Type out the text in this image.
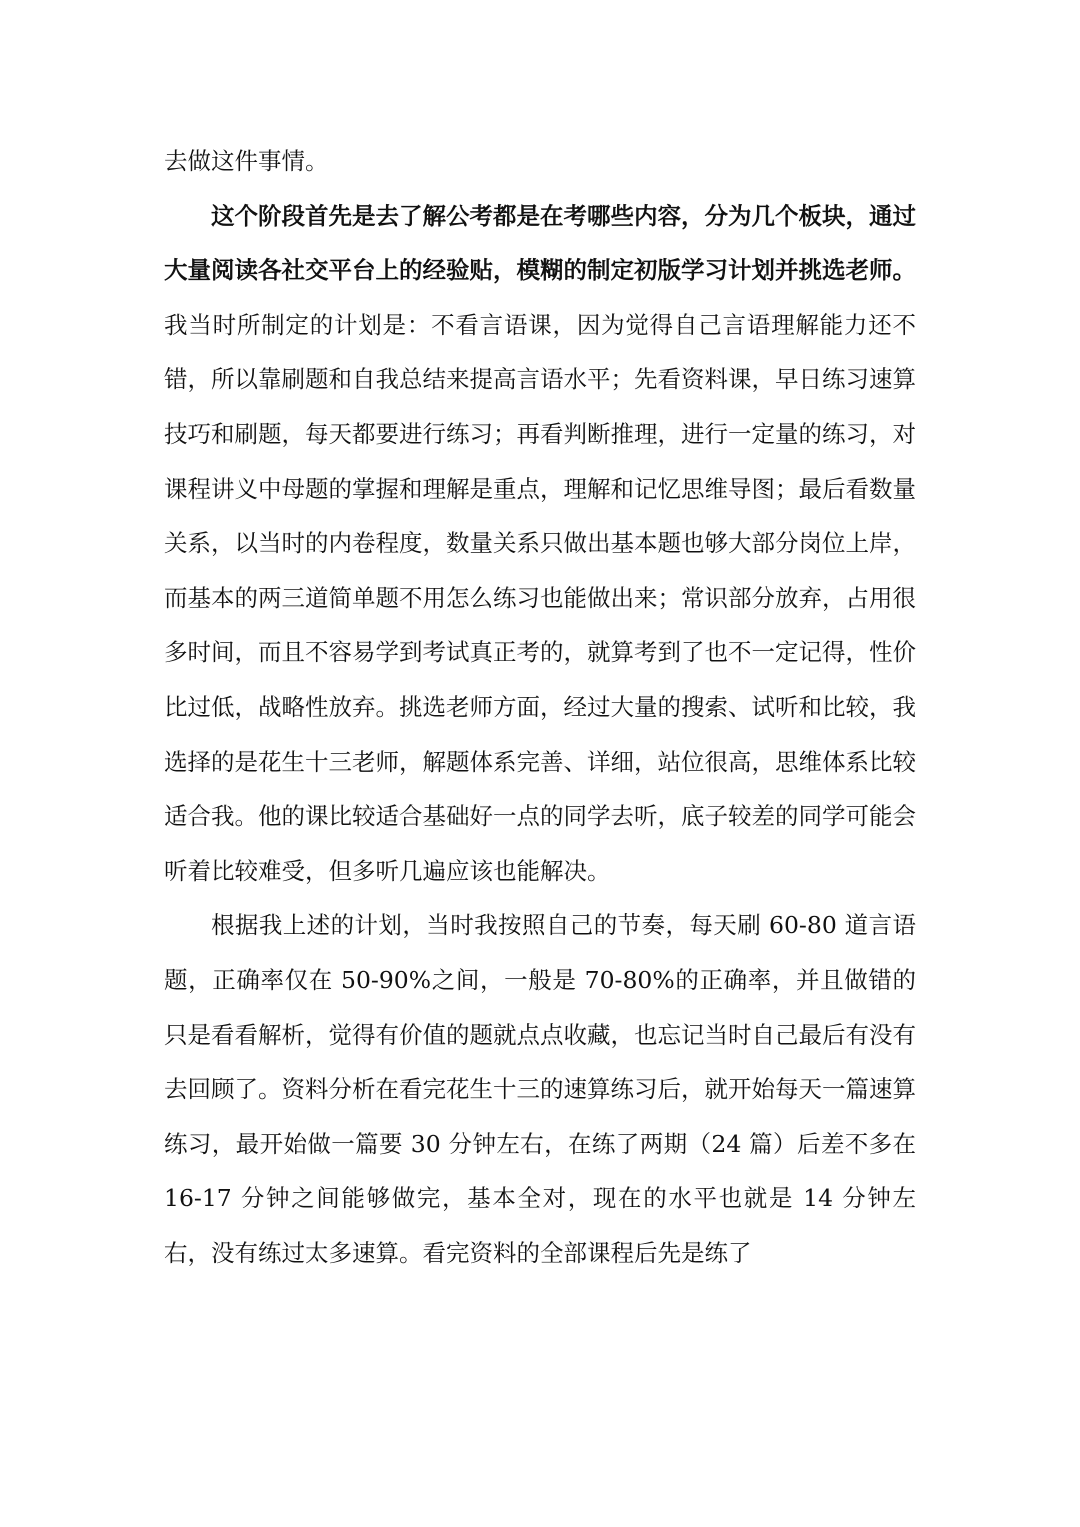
去做这件事情。

这个阶段首先是去了解公考都是在考哪些内容，分为几个板块，通过大量阅读各社交平台上的经验贴，模糊的制定初版学习计划并挑选老师。我当时所制定的计划是：不看言语课，因为觉得自己言语理解能力还不错，所以靠刷题和自我总结来提高言语水平；先看资料课，早日练习速算技巧和刷题，每天都要进行练习；再看判断推理，进行一定量的练习，对课程讲义中母题的掌握和理解是重点，理解和记忆思维导图；最后看数量关系，以当时的内卷程度，数量关系只做出基本题也够大部分岗位上岸，而基本的两三道简单题不用怎么练习也能做出来；常识部分放弃，占用很多时间，而且不容易学到考试真正考的，就算考到了也不一定记得，性价比过低，战略性放弃。挑选老师方面，经过大量的搜索、试听和比较，我选择的是花生十三老师，解题体系完善、详细，站位很高，思维体系比较适合我。他的课比较适合基础好一点的同学去听，底子较差的同学可能会听着比较难受，但多听几遍应该也能解决。

根据我上述的计划，当时我按照自己的节奏，每天刷 60-80 道言语题，正确率仅在 50-90%之间，一般是 70-80%的正确率，并且做错的只是看看解析，觉得有价值的题就点点收藏，也忘记当时自己最后有没有去回顾了。资料分析在看完花生十三的速算练习后，就开始每天一篇速算练习，最开始做一篇要 30 分钟左右，在练了两期（24 篇）后差不多在 16-17 分钟之间能够做完，基本全对，现在的水平也就是 14 分钟左右，没有练过太多速算。看完资料的全部课程后先是练了
